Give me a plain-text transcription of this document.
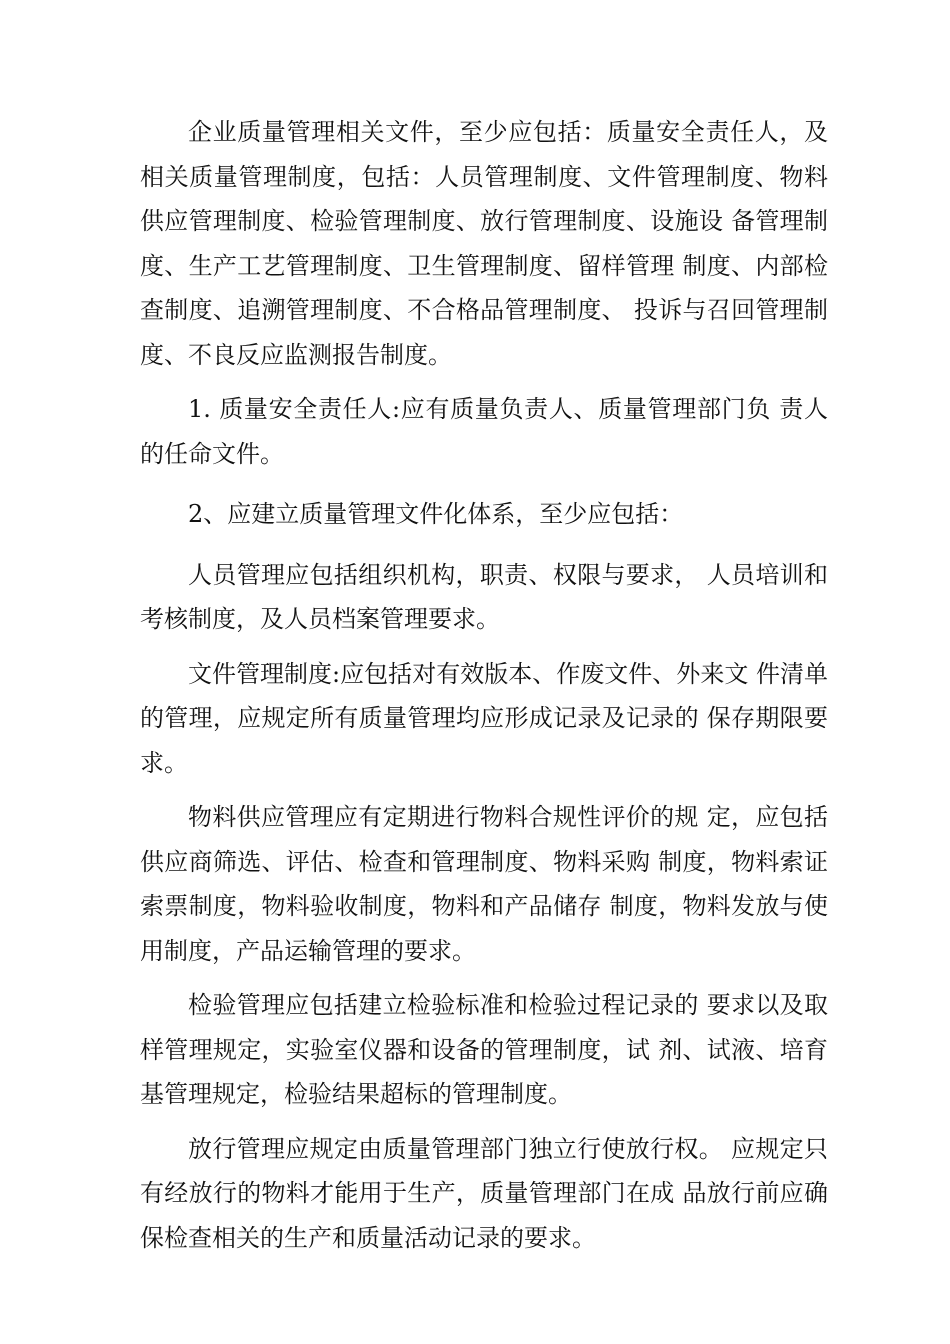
企业质量管理相关文件，至少应包括：质量安全责任人，及相关质量管理制度，包括：人员管理制度、文件管理制度、物料供应管理制度、检验管理制度、放行管理制度、设施设 备管理制度、生产工艺管理制度、卫生管理制度、留样管理 制度、内部检查制度、追溯管理制度、不合格品管理制度、 投诉与召回管理制度、不良反应监测报告制度。

1. 质量安全责任人:应有质量负责人、质量管理部门负 责人的任命文件。

2、应建立质量管理文件化体系，至少应包括：

人员管理应包括组织机构，职责、权限与要求， 人员培训和考核制度，及人员档案管理要求。

文件管理制度:应包括对有效版本、作废文件、外来文 件清单的管理，应规定所有质量管理均应形成记录及记录的 保存期限要求。

物料供应管理应有定期进行物料合规性评价的规 定，应包括供应商筛选、评估、检查和管理制度、物料采购 制度，物料索证索票制度，物料验收制度，物料和产品储存 制度，物料发放与使用制度，产品运输管理的要求。

检验管理应包括建立检验标准和检验过程记录的 要求以及取样管理规定，实验室仪器和设备的管理制度，试 剂、试液、培育基管理规定，检验结果超标的管理制度。

放行管理应规定由质量管理部门独立行使放行权。 应规定只有经放行的物料才能用于生产，质量管理部门在成 品放行前应确保检查相关的生产和质量活动记录的要求。
